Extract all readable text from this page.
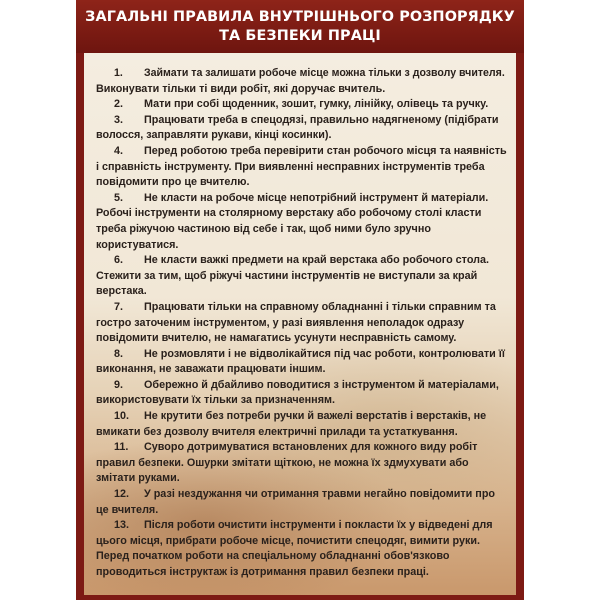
ЗАГАЛЬНІ ПРАВИЛА ВНУТРІШНЬОГО РОЗПОРЯДКУ
ТА БЕЗПЕКИ ПРАЦІ
1. Займати та залишати робоче місце можна тільки з дозволу вчителя.
Виконувати тільки ті види робіт, які доручає вчитель.
2. Мати при собі щоденник, зошит, гумку, лінійку, олівець та ручку.
3. Працювати треба в спецодязі, правильно надягненому (підібрати
волосся, заправляти рукави, кінці косинки).
4. Перед роботою треба перевірити стан робочого місця та наявність
і справність інструменту. При виявленні несправних інструментів треба
повідомити про це вчителю.
5. Не класти на робоче місце непотрібний інструмент й матеріали.
Робочі інструменти на столярному верстаку або робочому столі класти
треба ріжучою частиною від себе і так, щоб ними було зручно
користуватися.
6. Не класти важкі предмети на край верстака або робочого стола.
Стежити за тим, щоб ріжучі частини інструментів не виступали за край
верстака.
7. Працювати тільки на справному обладнанні і тільки справним та
гостро заточеним інструментом, у разі виявлення неполадок одразу
повідомити вчителю, не намагатись усунути несправність самому.
8. Не розмовляти і не відволікайтися під час роботи, контролювати її
виконання, не заважати працювати іншим.
9. Обережно й дбайливо поводитися з інструментом й матеріалами,
використовувати їх тільки за призначенням.
10. Не крутити без потреби ручки й важелі верстатів і верстаків, не
вмикати без дозволу вчителя електричні прилади та устаткування.
11. Суворо дотримуватися встановлених для кожного виду робіт
правил безпеки. Ошурки змітати щіткою, не можна їх здмухувати або
змітати руками.
12. У разі нездужання чи отримання травми негайно повідомити про
це вчителя.
13. Після роботи очистити інструменти і покласти їх у відведені для
цього місця, прибрати робоче місце, почистити спецодяг, вимити руки.
Перед початком роботи на спеціальному обладнанні обов'язково
проводиться інструктаж із дотримання правил безпеки праці.
